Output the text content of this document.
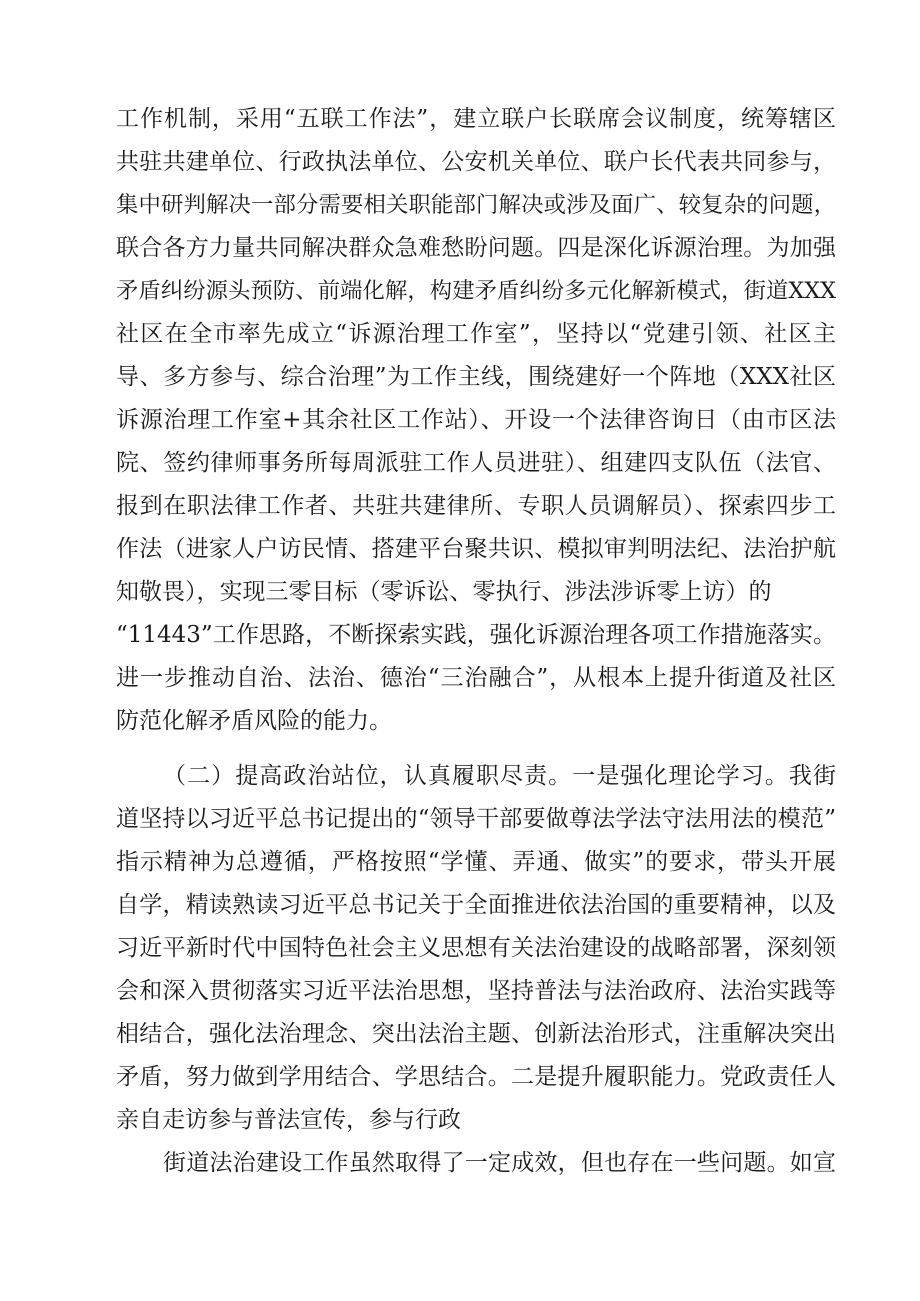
工作机制，采用“五联工作法”，建立联户长联席会议制度，统筹辖区
共驻共建单位、行政执法单位、公安机关单位、联户长代表共同参与，
集中研判解决一部分需要相关职能部门解决或涉及面广、较复杂的问题，
联合各方力量共同解决群众急难愁盼问题。四是深化诉源治理。为加强
矛盾纠纷源头预防、前端化解，构建矛盾纠纷多元化解新模式，街道XXX
社区在全市率先成立“诉源治理工作室”，坚持以“党建引领、社区主
导、多方参与、综合治理”为工作主线，围绕建好一个阵地（XXX社区
诉源治理工作室+其余社区工作站）、开设一个法律咨询日（由市区法
院、签约律师事务所每周派驻工作人员进驻）、组建四支队伍（法官、
报到在职法律工作者、共驻共建律所、专职人员调解员）、探索四步工
作法（进家人户访民情、搭建平台聚共识、模拟审判明法纪、法治护航
知敬畏），实现三零目标（零诉讼、零执行、涉法涉诉零上访）的
“11443”工作思路，不断探索实践，强化诉源治理各项工作措施落实。
进一步推动自治、法治、德治“三治融合”，从根本上提升街道及社区
防范化解矛盾风险的能力。
（二）提高政治站位，认真履职尽责。一是强化理论学习。我街
道坚持以习近平总书记提出的“领导干部要做尊法学法守法用法的模范”
指示精神为总遵循，严格按照“学懂、弄通、做实”的要求，带头开展
自学，精读熟读习近平总书记关于全面推进依法治国的重要精神，以及
习近平新时代中国特色社会主义思想有关法治建设的战略部署，深刻领
会和深入贯彻落实习近平法治思想，坚持普法与法治政府、法治实践等
相结合，强化法治理念、突出法治主题、创新法治形式，注重解决突出
矛盾，努力做到学用结合、学思结合。二是提升履职能力。党政责任人
亲自走访参与普法宣传，参与行政
街道法治建设工作虽然取得了一定成效，但也存在一些问题。如宣
